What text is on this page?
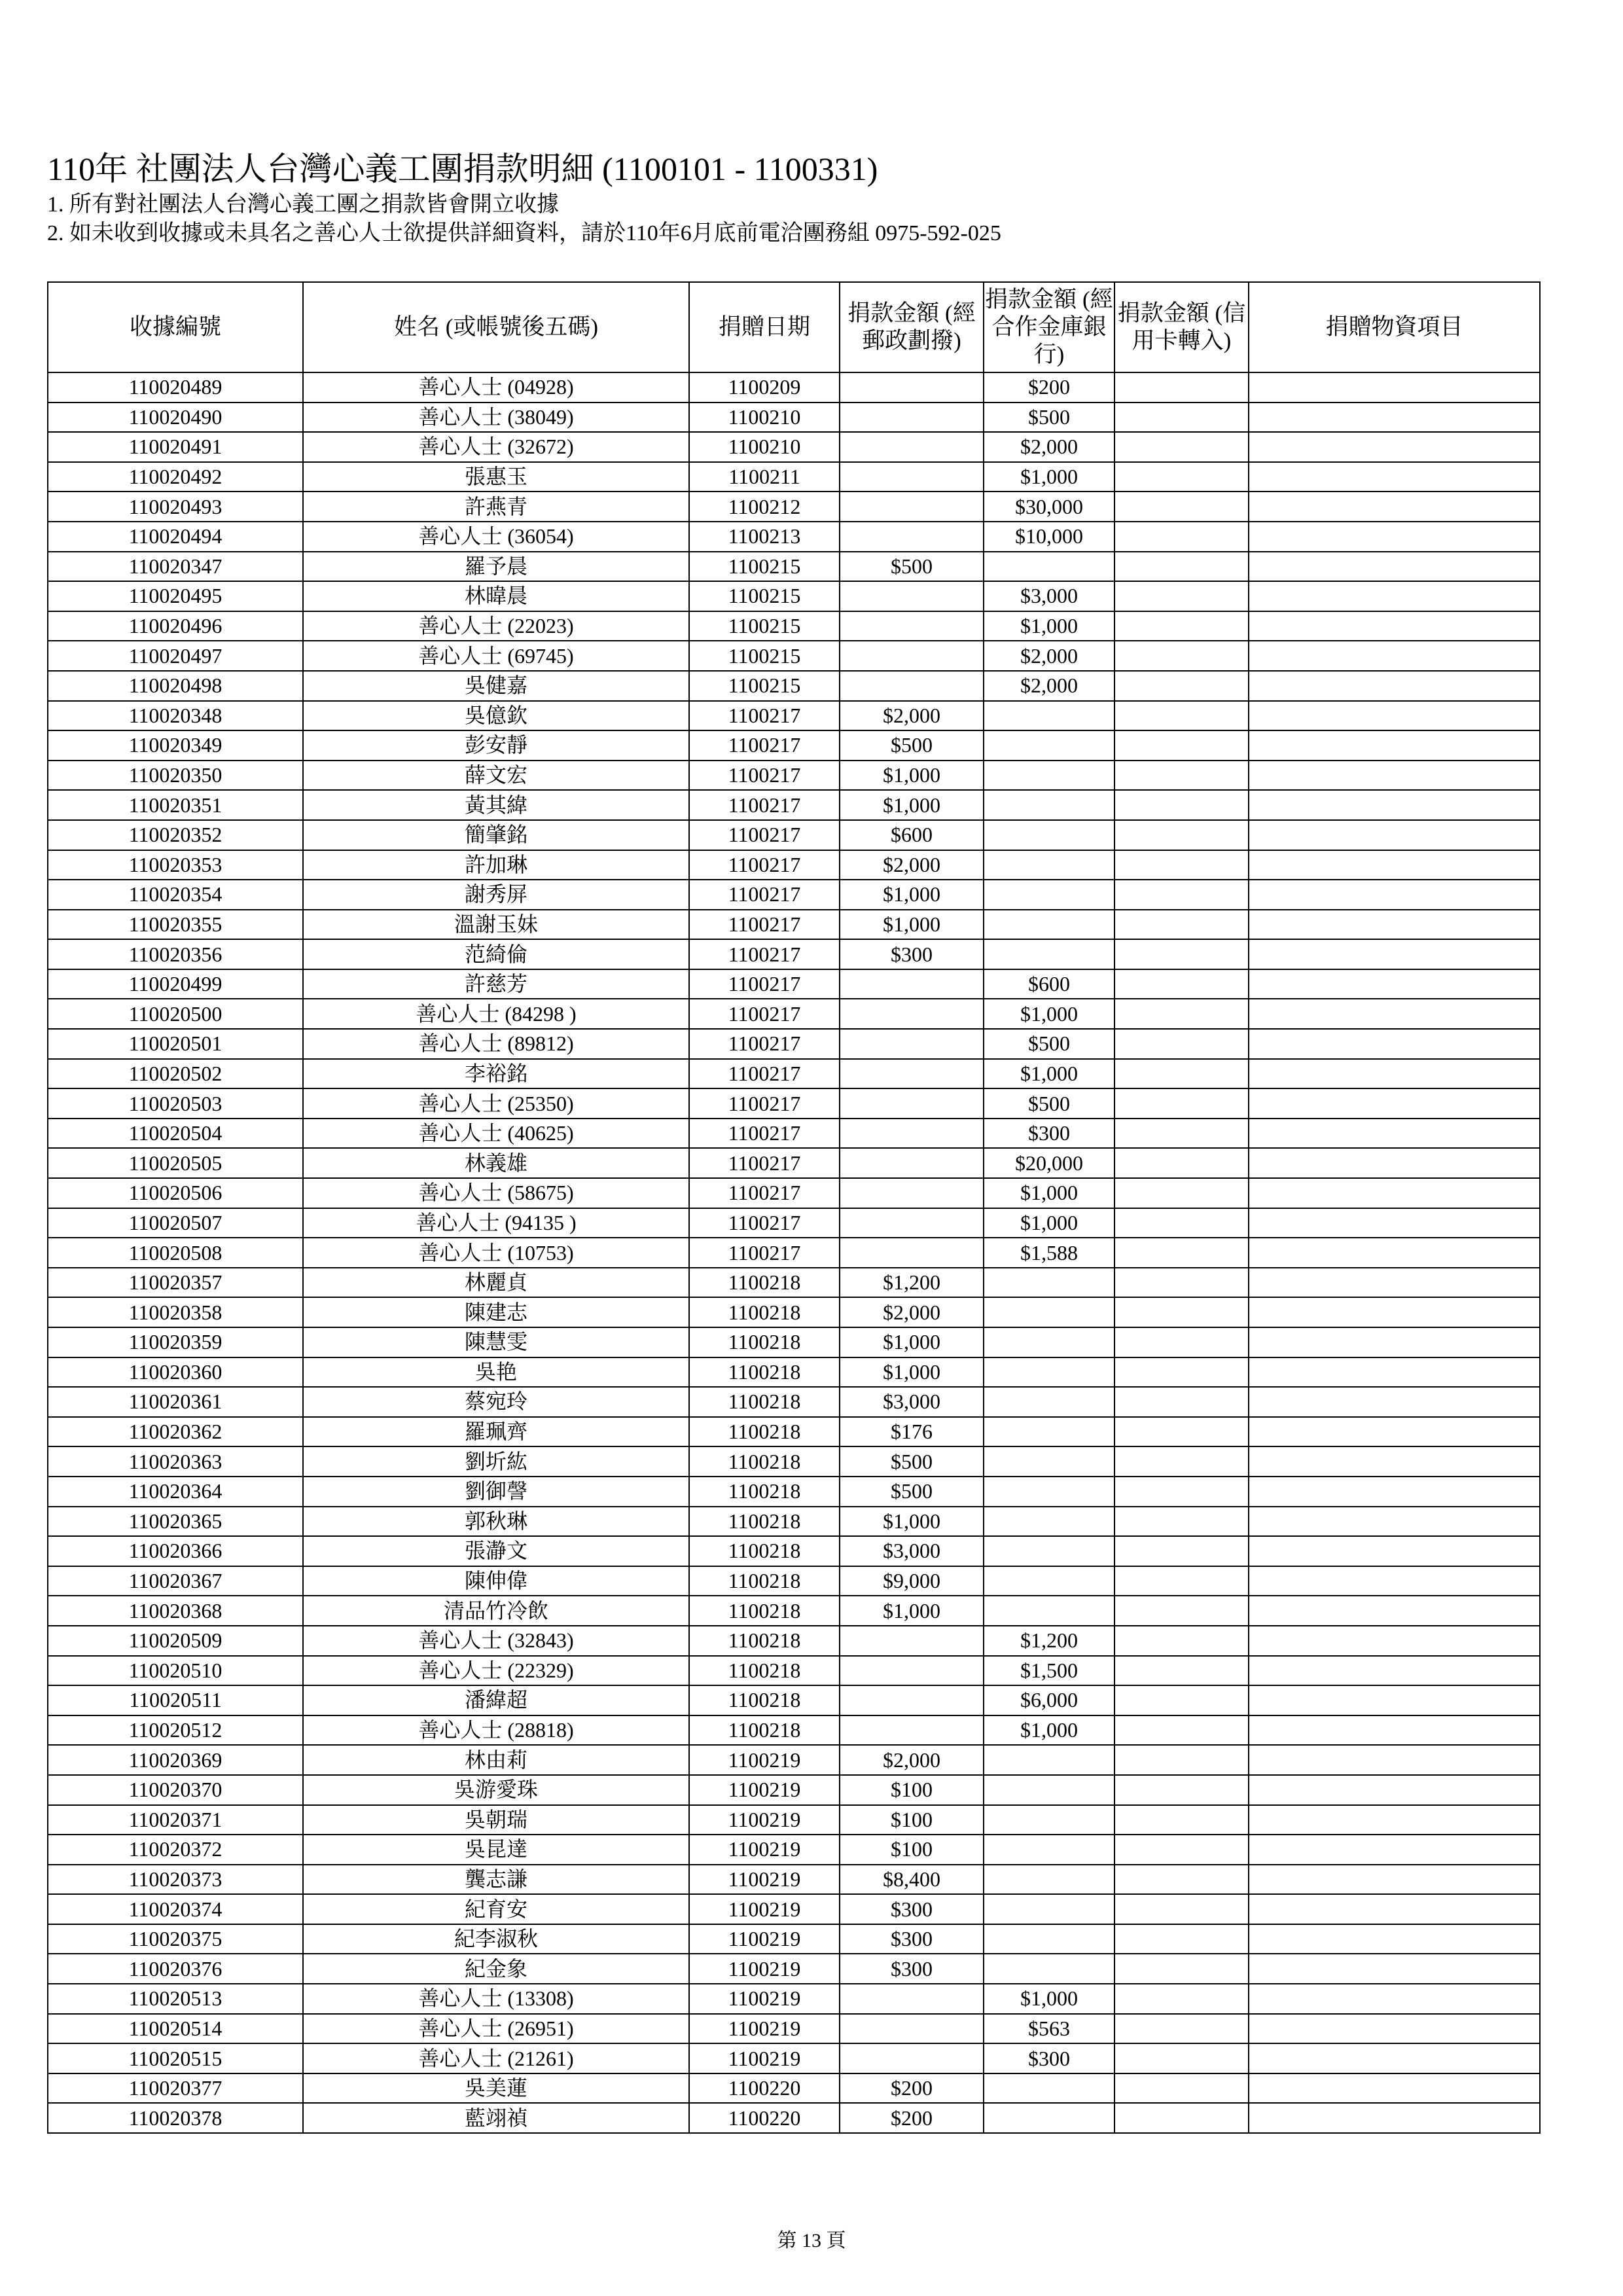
110年 社團法人台灣心義工團捐款明細 (1100101 - 1100331)
1. 所有對社團法人台灣心義工團之捐款皆會開立收據
2. 如未收到收據或未具名之善心人士欲提供詳細資料，請於110年6月底前電洽團務組 0975-592-025
收據編號	姓名 (或帳號後五碼)	捐贈日期	捐款金額 (經郵政劃撥)	捐款金額 (經合作金庫銀行)	捐款金額 (信用卡轉入)	捐贈物資項目
110020489	善心人士 (04928)	1100209		$200		
110020490	善心人士 (38049)	1100210		$500		
110020491	善心人士 (32672)	1100210		$2,000		
110020492	張惠玉	1100211		$1,000		
110020493	許燕青	1100212		$30,000		
110020494	善心人士 (36054)	1100213		$10,000		
110020347	羅予晨	1100215	$500			
110020495	林暐晨	1100215		$3,000		
110020496	善心人士 (22023)	1100215		$1,000		
110020497	善心人士 (69745)	1100215		$2,000		
110020498	吳健嘉	1100215		$2,000		
110020348	吳億欽	1100217	$2,000			
110020349	彭安靜	1100217	$500			
110020350	薛文宏	1100217	$1,000			
110020351	黃其緯	1100217	$1,000			
110020352	簡肇銘	1100217	$600			
110020353	許加琳	1100217	$2,000			
110020354	謝秀屏	1100217	$1,000			
110020355	溫謝玉妹	1100217	$1,000			
110020356	范綺倫	1100217	$300			
110020499	許慈芳	1100217		$600		
110020500	善心人士 (84298 )	1100217		$1,000		
110020501	善心人士 (89812)	1100217		$500		
110020502	李裕銘	1100217		$1,000		
110020503	善心人士 (25350)	1100217		$500		
110020504	善心人士 (40625)	1100217		$300		
110020505	林義雄	1100217		$20,000		
110020506	善心人士 (58675)	1100217		$1,000		
110020507	善心人士 (94135 )	1100217		$1,000		
110020508	善心人士 (10753)	1100217		$1,588		
110020357	林麗貞	1100218	$1,200			
110020358	陳建志	1100218	$2,000			
110020359	陳慧雯	1100218	$1,000			
110020360	吳艳	1100218	$1,000			
110020361	蔡宛玲	1100218	$3,000			
110020362	羅珮齊	1100218	$176			
110020363	劉圻紘	1100218	$500			
110020364	劉御謦	1100218	$500			
110020365	郭秋琳	1100218	$1,000			
110020366	張瀞文	1100218	$3,000			
110020367	陳伸偉	1100218	$9,000			
110020368	清品竹冷飲	1100218	$1,000			
110020509	善心人士 (32843)	1100218		$1,200		
110020510	善心人士 (22329)	1100218		$1,500		
110020511	潘緯超	1100218		$6,000		
110020512	善心人士 (28818)	1100218		$1,000		
110020369	林由莉	1100219	$2,000			
110020370	吳游愛珠	1100219	$100			
110020371	吳朝瑞	1100219	$100			
110020372	吳昆達	1100219	$100			
110020373	龔志謙	1100219	$8,400			
110020374	紀育安	1100219	$300			
110020375	紀李淑秋	1100219	$300			
110020376	紀金象	1100219	$300			
110020513	善心人士 (13308)	1100219		$1,000		
110020514	善心人士 (26951)	1100219		$563		
110020515	善心人士 (21261)	1100219		$300		
110020377	吳美蓮	1100220	$200			
110020378	藍翊禎	1100220	$200			
第 13 頁
